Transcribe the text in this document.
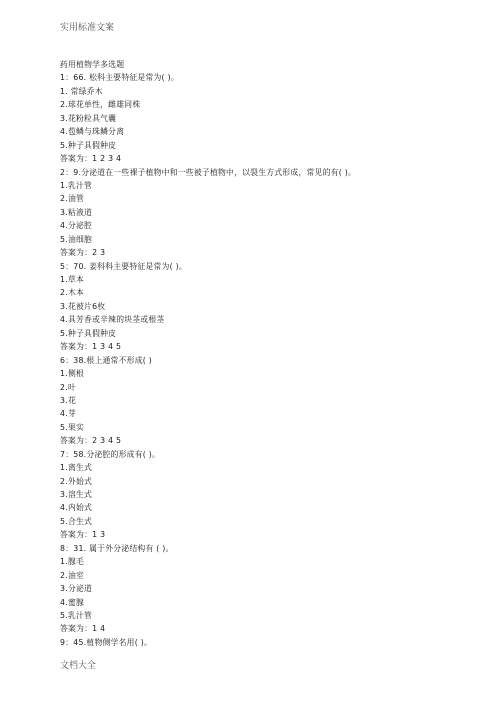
实用标准文案
药用植物学多选题
1：66. 松科主要特征是常为( )。
1. 常绿乔木
2.球花单性，雌雄同株
3.花粉粒具气囊
4.苞鳞与珠鳞分离
5.种子具假种皮
答案为：1 2 3 4
2：9.分泌道在一些裸子植物中和一些被子植物中，以裂生方式形成，常见的有( )。
1.乳汁管
2.油管
3.粘液道
4.分泌腔
5.油细胞
答案为：2 3
5：70. 姜科科主要特征是常为( )。
1.草本
2.木本
3.花被片6枚
4.具芳香或辛辣的块茎或根茎
5.种子具假种皮
答案为：1 3 4 5
6：38.根上通常不形成( )
1.侧根
2.叶
3.花
4.芽
5.果实
答案为：2 3 4 5
7：58.分泌腔的形成有( )。
1.离生式
2.外始式
3.溶生式
4.内始式
5.合生式
答案为：1 3
8：31. 属于外分泌结构有 ( )。
1.腺毛
2.油室
3.分泌道
4.蜜腺
5.乳汁管
答案为：1 4
9：45.植物侧学名用( )。
文档大全
